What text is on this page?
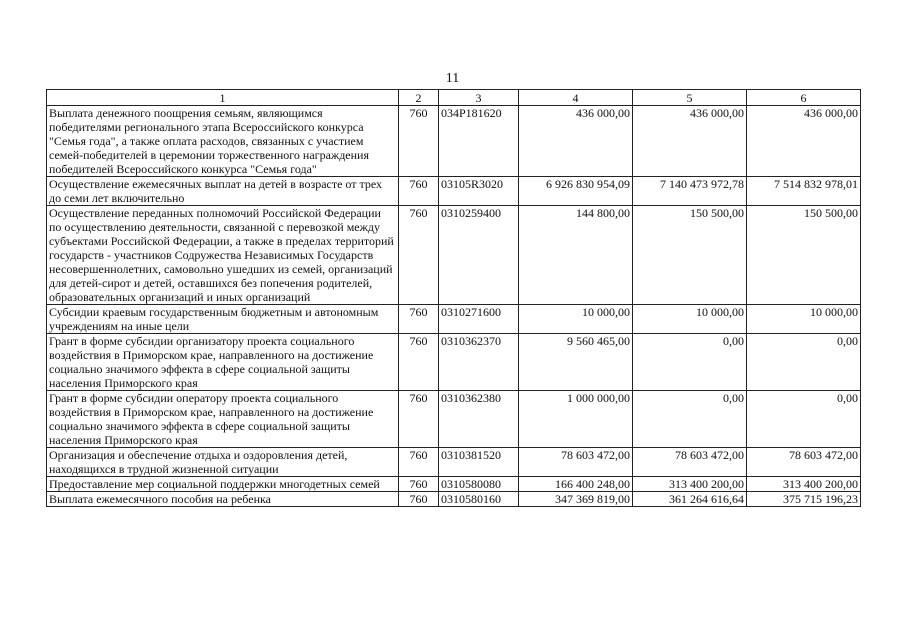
11
1	2	3	4	5	6
Выплата денежного поощрения семьям, являющимся победителями регионального этапа Всероссийского конкурса "Семья года", а также оплата расходов, связанных с участием семей-победителей в церемонии торжественного награждения победителей Всероссийского конкурса "Семья года"	760	034P181620	436 000,00	436 000,00	436 000,00
Осуществление ежемесячных выплат на детей в возрасте от трех до семи лет включительно	760	03105R3020	6 926 830 954,09	7 140 473 972,78	7 514 832 978,01
Осуществление переданных полномочий Российской Федерации по осуществлению деятельности, связанной с перевозкой между субъектами Российской Федерации, а также в пределах территорий государств - участников Содружества Независимых Государств несовершеннолетних, самовольно ушедших из семей, организаций для детей-сирот и детей, оставшихся без попечения родителей, образовательных организаций и иных организаций	760	0310259400	144 800,00	150 500,00	150 500,00
Субсидии краевым государственным бюджетным и автономным учреждениям на иные цели	760	0310271600	10 000,00	10 000,00	10 000,00
Грант в форме субсидии организатору проекта социального воздействия в Приморском крае, направленного на достижение социально значимого эффекта в сфере социальной защиты населения Приморского края	760	0310362370	9 560 465,00	0,00	0,00
Грант в форме субсидии оператору проекта социального воздействия в Приморском крае, направленного на достижение социально значимого эффекта в сфере социальной защиты населения Приморского края	760	0310362380	1 000 000,00	0,00	0,00
Организация и обеспечение отдыха и оздоровления детей, находящихся в трудной жизненной ситуации	760	0310381520	78 603 472,00	78 603 472,00	78 603 472,00
Предоставление мер социальной поддержки многодетных семей	760	0310580080	166 400 248,00	313 400 200,00	313 400 200,00
Выплата ежемесячного пособия на ребенка	760	0310580160	347 369 819,00	361 264 616,64	375 715 196,23
